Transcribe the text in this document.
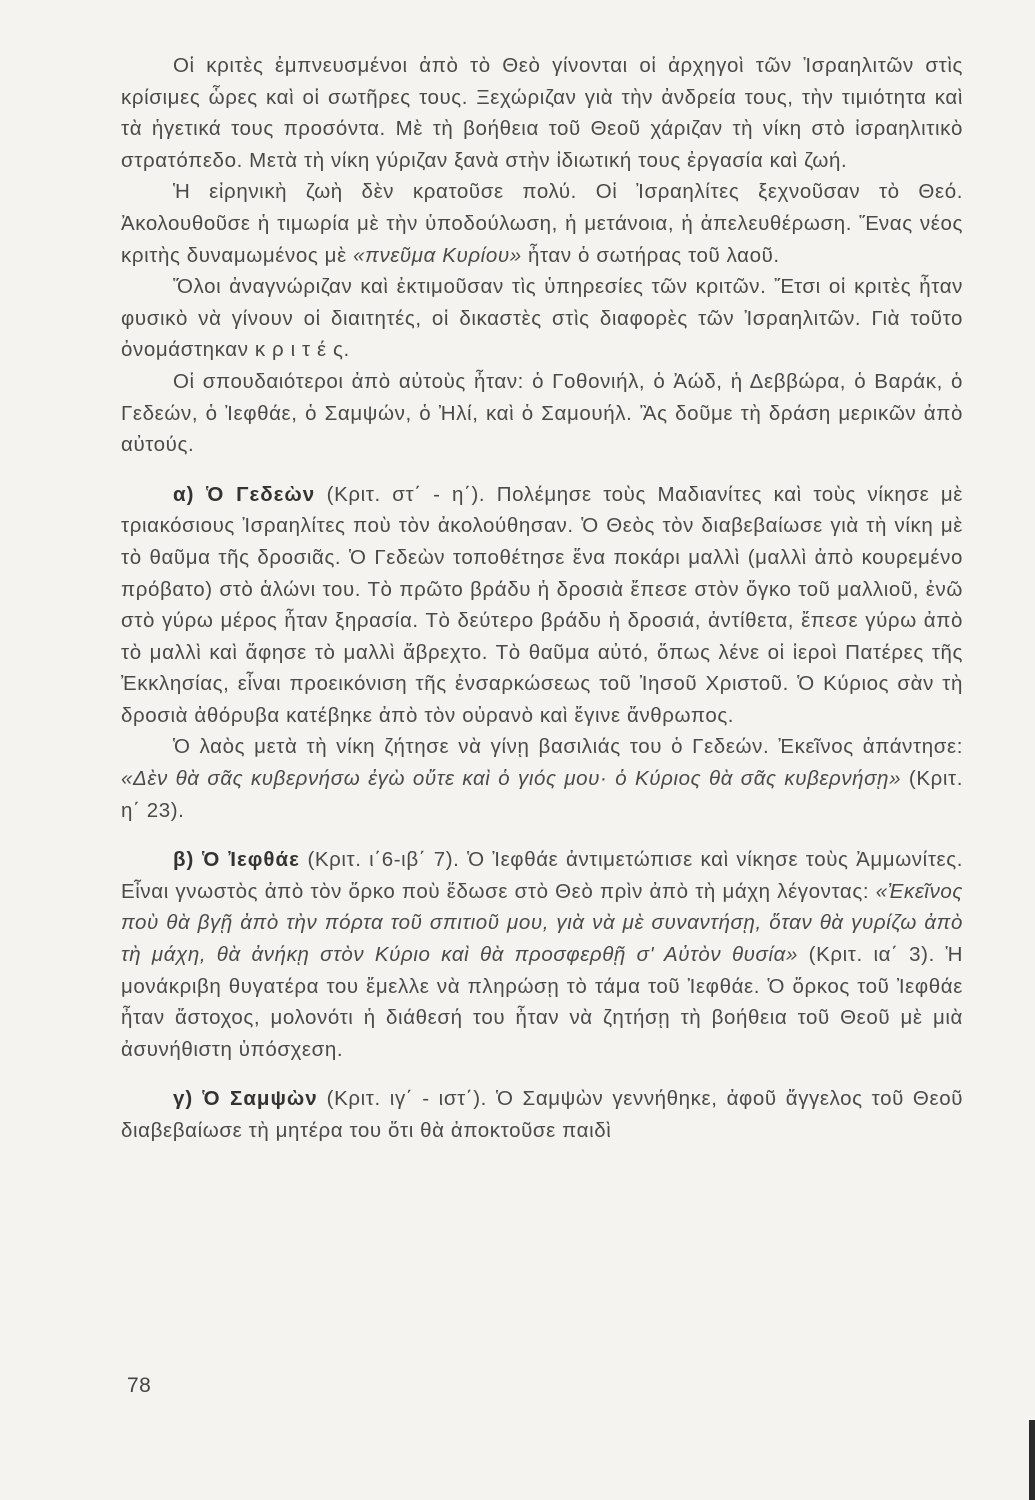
Οἱ κριτὲς ἐμπνευσμένοι ἀπὸ τὸ Θεὸ γίνονται οἱ ἀρχηγοὶ τῶν Ἰσραηλιτῶν στὶς κρίσιμες ὧρες καὶ οἱ σωτῆρες τους. Ξεχώριζαν γιὰ τὴν ἀνδρεία τους, τὴν τιμιότητα καὶ τὰ ἡγετικά τους προσόντα. Μὲ τὴ βοήθεια τοῦ Θεοῦ χάριζαν τὴ νίκη στὸ ἰσραηλιτικὸ στρατόπεδο. Μετὰ τὴ νίκη γύριζαν ξανὰ στὴν ἰδιωτική τους ἐργασία καὶ ζωή.

Ἡ εἰρηνικὴ ζωὴ δὲν κρατοῦσε πολύ. Οἱ Ἰσραηλίτες ξεχνοῦσαν τὸ Θεό. Ἀκολουθοῦσε ἡ τιμωρία μὲ τὴν ὑποδούλωση, ἡ μετάνοια, ἡ ἀπελευθέρωση. Ἕνας νέος κριτὴς δυναμωμένος μὲ «πνεῦμα Κυρίου» ἦταν ὁ σωτήρας τοῦ λαοῦ.

Ὅλοι ἀναγνώριζαν καὶ ἐκτιμοῦσαν τὶς ὑπηρεσίες τῶν κριτῶν. Ἔτσι οἱ κριτὲς ἦταν φυσικὸ νὰ γίνουν οἱ διαιτητές, οἱ δικαστὲς στὶς διαφορὲς τῶν Ἰσραηλιτῶν. Γιὰ τοῦτο ὀνομάστηκαν κ ρ ι τ έ ς.

Οἱ σπουδαιότεροι ἀπὸ αὐτοὺς ἦταν: ὁ Γοθονιήλ, ὁ Ἀώδ, ἡ Δεββώρα, ὁ Βαράκ, ὁ Γεδεών, ὁ Ἰεφθάε, ὁ Σαμψών, ὁ Ἠλί, καὶ ὁ Σαμουήλ. Ἂς δοῦμε τὴ δράση μερικῶν ἀπὸ αὐτούς.

α) Ὁ Γεδεὼν (Κριτ. στ΄ - η΄). Πολέμησε τοὺς Μαδιανίτες καὶ τοὺς νίκησε μὲ τριακόσιους Ἰσραηλίτες ποὺ τὸν ἀκολούθησαν. Ὁ Θεὸς τὸν διαβεβαίωσε γιὰ τὴ νίκη μὲ τὸ θαῦμα τῆς δροσιᾶς. Ὁ Γεδεὼν τοποθέτησε ἕνα ποκάρι μαλλὶ (μαλλὶ ἀπὸ κουρεμένο πρόβατο) στὸ ἁλώνι του. Τὸ πρῶτο βράδυ ἡ δροσιὰ ἔπεσε στὸν ὄγκο τοῦ μαλλιοῦ, ἐνῶ στὸ γύρω μέρος ἦταν ξηρασία. Τὸ δεύτερο βράδυ ἡ δροσιά, ἀντίθετα, ἔπεσε γύρω ἀπὸ τὸ μαλλὶ καὶ ἄφησε τὸ μαλλὶ ἄβρεχτο. Τὸ θαῦμα αὐτό, ὅπως λένε οἱ ἱεροὶ Πατέρες τῆς Ἐκκλησίας, εἶναι προεικόνιση τῆς ἐνσαρκώσεως τοῦ Ἰησοῦ Χριστοῦ. Ὁ Κύριος σὰν τὴ δροσιὰ ἀθόρυβα κατέβηκε ἀπὸ τὸν οὐρανὸ καὶ ἔγινε ἄνθρωπος.

Ὁ λαὸς μετὰ τὴ νίκη ζήτησε νὰ γίνῃ βασιλιάς του ὁ Γεδεών. Ἐκεῖνος ἀπάντησε: «Δὲν θὰ σᾶς κυβερνήσω ἐγὼ οὔτε καὶ ὁ γιός μου· ὁ Κύριος θὰ σᾶς κυβερνήσῃ» (Κριτ. η΄ 23).

β) Ὁ Ἰεφθάε (Κριτ. ι΄6-ιβ΄ 7). Ὁ Ἰεφθάε ἀντιμετώπισε καὶ νίκησε τοὺς Ἀμμωνίτες. Εἶναι γνωστὸς ἀπὸ τὸν ὅρκο ποὺ ἔδωσε στὸ Θεὸ πρὶν ἀπὸ τὴ μάχη λέγοντας: «Ἐκεῖνος ποὺ θὰ βγῇ ἀπὸ τὴν πόρτα τοῦ σπιτιοῦ μου, γιὰ νὰ μὲ συναντήσῃ, ὅταν θὰ γυρίζω ἀπὸ τὴ μάχη, θὰ ἀνήκῃ στὸν Κύριο καὶ θὰ προσφερθῇ σ' Αὐτὸν θυσία» (Κριτ. ια΄ 3). Ἡ μονάκριβη θυγατέρα του ἔμελλε νὰ πληρώσῃ τὸ τάμα τοῦ Ἰεφθάε. Ὁ ὅρκος τοῦ Ἰεφθάε ἦταν ἄστοχος, μολονότι ἡ διάθεσή του ἦταν νὰ ζητήσῃ τὴ βοήθεια τοῦ Θεοῦ μὲ μιὰ ἀσυνήθιστη ὑπόσχεση.

γ) Ὁ Σαμψὼν (Κριτ. ιγ΄ - ιστ΄). Ὁ Σαμψὼν γεννήθηκε, ἀφοῦ ἄγγελος τοῦ Θεοῦ διαβεβαίωσε τὴ μητέρα του ὅτι θὰ ἀποκτοῦσε παιδὶ

78
